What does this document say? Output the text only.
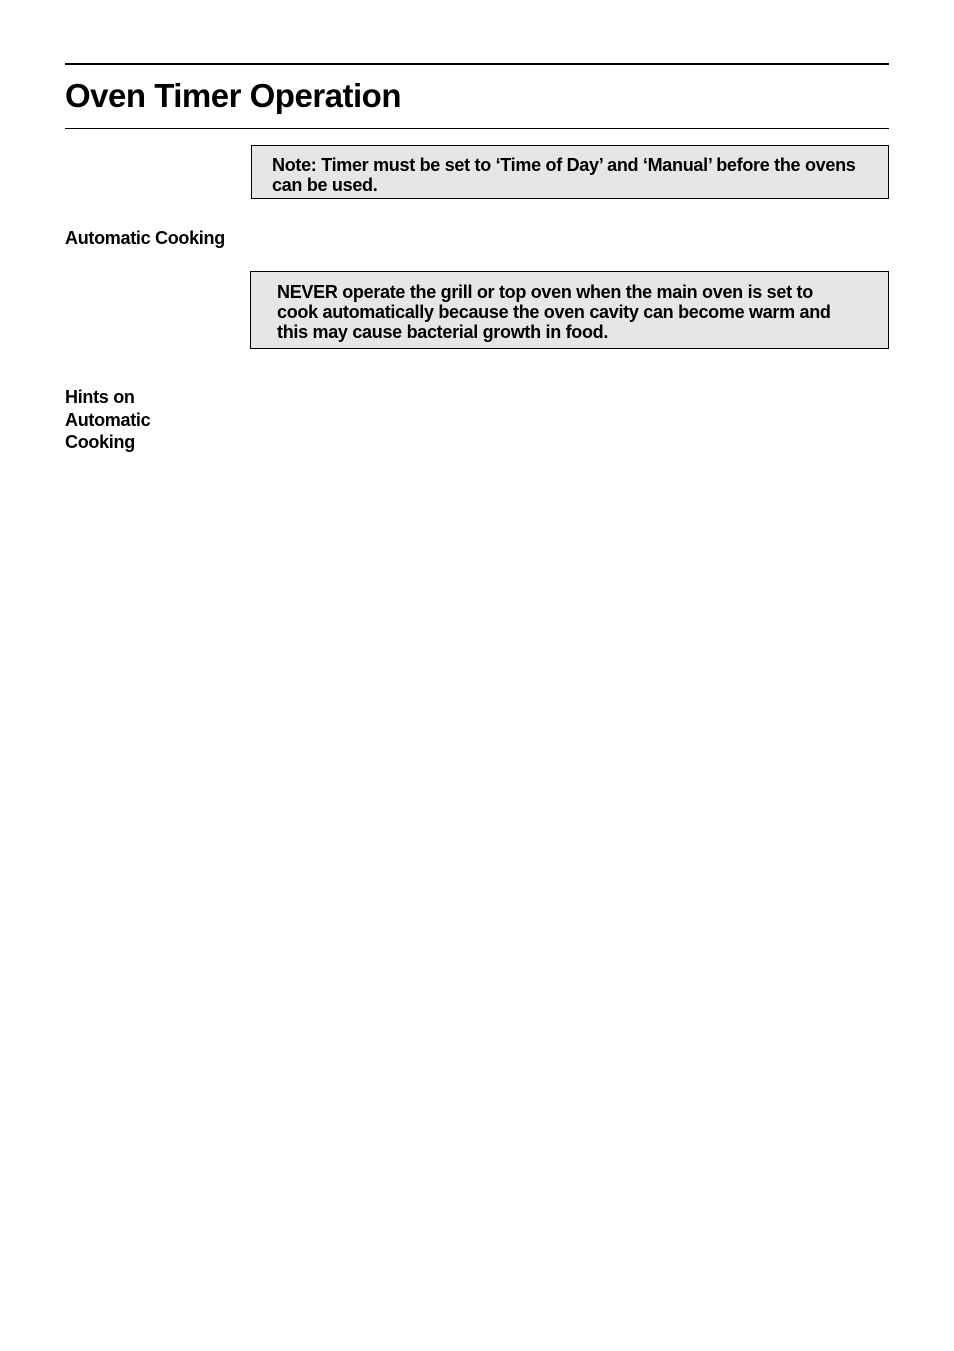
Oven Timer Operation
Note: Timer must be set to ‘Time of Day’ and ‘Manual’ before the ovens can be used.
Automatic Cooking
NEVER operate the grill or top oven when the main oven is set to cook automatically because the oven cavity can become warm and this may cause bacterial growth in food.
Hints on Automatic Cooking
